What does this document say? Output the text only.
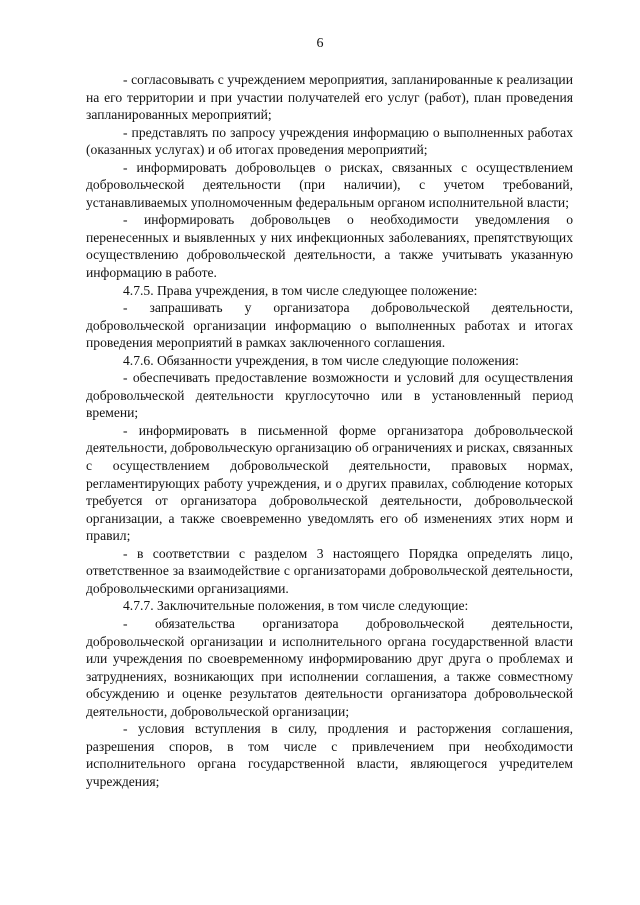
6

- согласовывать с учреждением мероприятия, запланированные к реализации на его территории и при участии получателей его услуг (работ), план проведения запланированных мероприятий;

- представлять по запросу учреждения информацию о выполненных работах (оказанных услугах) и об итогах проведения мероприятий;

- информировать добровольцев о рисках, связанных с осуществлением добровольческой деятельности (при наличии), с учетом требований, устанавливаемых уполномоченным федеральным органом исполнительной власти;

- информировать добровольцев о необходимости уведомления о перенесенных и выявленных у них инфекционных заболеваниях, препятствующих осуществлению добровольческой деятельности, а также учитывать указанную информацию в работе.

4.7.5. Права учреждения, в том числе следующее положение:

- запрашивать у организатора добровольческой деятельности, добровольческой организации информацию о выполненных работах и итогах проведения мероприятий в рамках заключенного соглашения.

4.7.6. Обязанности учреждения, в том числе следующие положения:

- обеспечивать предоставление возможности и условий для осуществления добровольческой деятельности круглосуточно или в установленный период времени;

- информировать в письменной форме организатора добровольческой деятельности, добровольческую организацию об ограничениях и рисках, связанных с осуществлением добровольческой деятельности, правовых нормах, регламентирующих работу учреждения, и о других правилах, соблюдение которых требуется от организатора добровольческой деятельности, добровольческой организации, а также своевременно уведомлять его об изменениях этих норм и правил;

- в соответствии с разделом 3 настоящего Порядка определять лицо, ответственное за взаимодействие с организаторами добровольческой деятельности, добровольческими организациями.

4.7.7. Заключительные положения, в том числе следующие:

- обязательства организатора добровольческой деятельности, добровольческой организации и исполнительного органа государственной власти или учреждения по своевременному информированию друг друга о проблемах и затруднениях, возникающих при исполнении соглашения, а также совместному обсуждению и оценке результатов деятельности организатора добровольческой деятельности, добровольческой организации;

- условия вступления в силу, продления и расторжения соглашения, разрешения споров, в том числе с привлечением при необходимости исполнительного органа государственной власти, являющегося учредителем учреждения;
